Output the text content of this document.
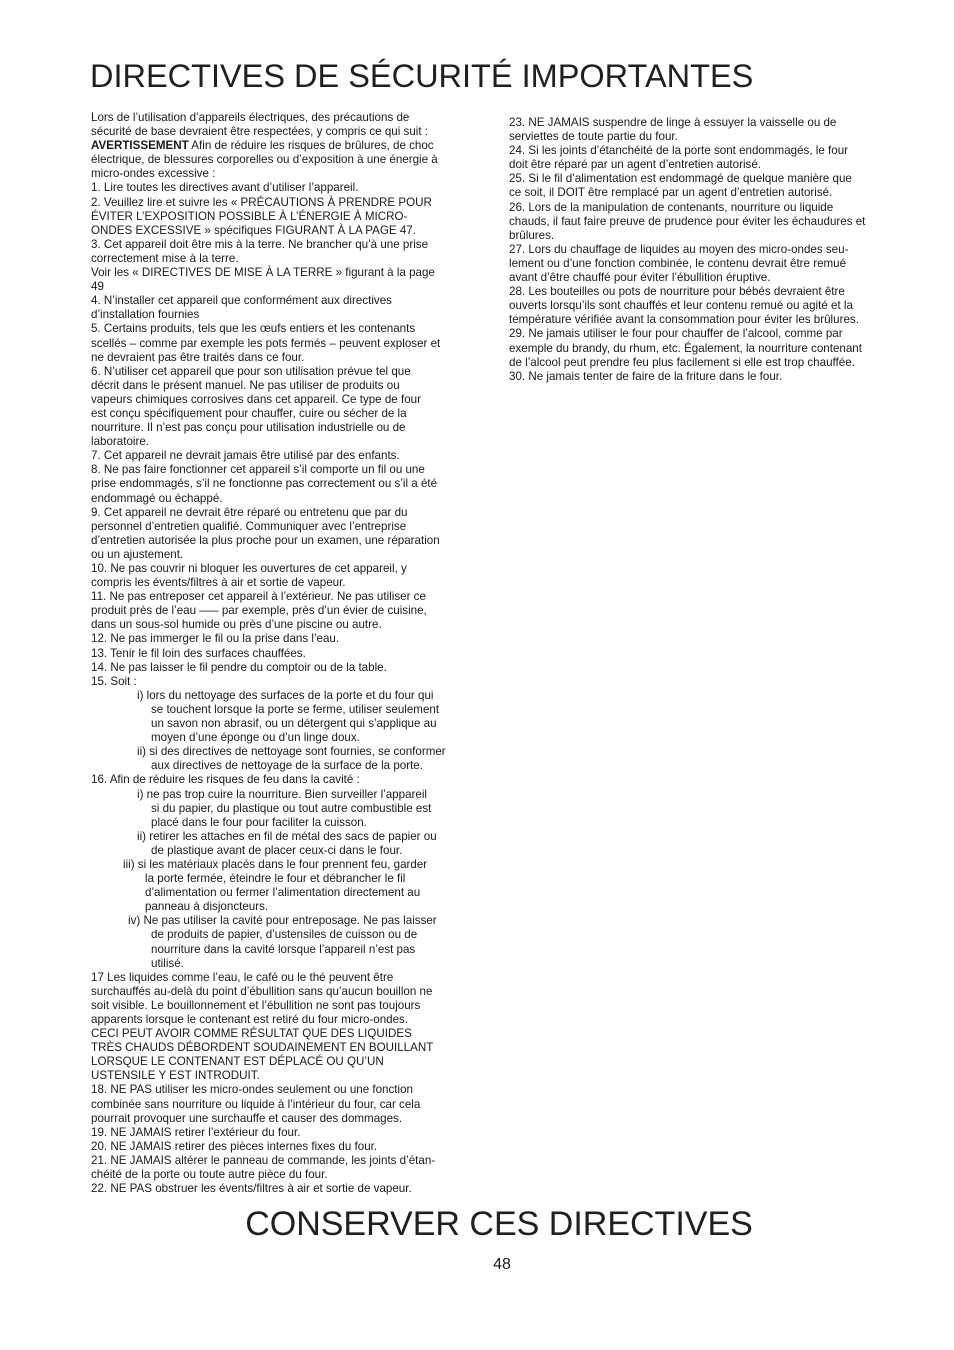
DIRECTIVES DE SÉCURITÉ IMPORTANTES
Lors de l’utilisation d’appareils électriques, des précautions de
sécurité de base devraient être respectées, y compris ce qui suit :
AVERTISSEMENT Afin de réduire les risques de brûlures, de choc
électrique, de blessures corporelles ou d’exposition à une énergie à
micro-ondes excessive :
1. Lire toutes les directives avant d’utiliser l’appareil.
2. Veuillez lire et suivre les « PRÉCAUTIONS À PRENDRE POUR
ÉVITER L’EXPOSITION POSSIBLE À L’ÉNERGIE À MICRO-
ONDES EXCESSIVE » spécifiques FIGURANT À LA PAGE 47.
3. Cet appareil doit être mis à la terre. Ne brancher qu’à une prise
correctement mise à la terre.
Voir les « DIRECTIVES DE MISE À LA TERRE » figurant à la page
49
4. N’installer cet appareil que conformément aux directives
d’installation fournies
5. Certains produits, tels que les œufs entiers et les contenants
scellés – comme par exemple les pots fermés – peuvent exploser et
ne devraient pas être traités dans ce four.
6. N’utiliser cet appareil que pour son utilisation prévue tel que
décrit dans le présent manuel. Ne pas utiliser de produits ou
vapeurs chimiques corrosives dans cet appareil. Ce type de four
est conçu spécifiquement pour chauffer, cuire ou sécher de la
nourriture. Il n’est pas conçu pour utilisation industrielle ou de
laboratoire.
7. Cet appareil ne devrait jamais être utilisé par des enfants.
8. Ne pas faire fonctionner cet appareil s’il comporte un fil ou une
prise endommagés, s’il ne fonctionne pas correctement ou s’il a été
endommagé ou échappé.
9. Cet appareil ne devrait être réparé ou entretenu que par du
personnel d’entretien qualifié. Communiquer avec l’entreprise
d’entretien autorisée la plus proche pour un examen, une réparation
ou un ajustement.
10. Ne pas couvrir ni bloquer les ouvertures de cet appareil, y
compris les évents/filtres à air et sortie de vapeur.
11. Ne pas entreposer cet appareil à l’extérieur. Ne pas utiliser ce
produit près de l’eau ––– par exemple, près d’un évier de cuisine,
dans un sous-sol humide ou près d’une piscine ou autre.
12. Ne pas immerger le fil ou la prise dans l’eau.
13. Tenir le fil loin des surfaces chauffées.
14. Ne pas laisser le fil pendre du comptoir ou de la table.
15. Soit :
i) lors du nettoyage des surfaces de la porte et du four qui
se touchent lorsque la porte se ferme, utiliser seulement
un savon non abrasif, ou un détergent qui s’applique au
moyen d’une éponge ou d’un linge doux.
ii) si des directives de nettoyage sont fournies, se conformer
aux directives de nettoyage de la surface de la porte.
16. Afin de réduire les risques de feu dans la cavité :
i) ne pas trop cuire la nourriture. Bien surveiller l’appareil
si du papier, du plastique ou tout autre combustible est
placé dans le four pour faciliter la cuisson.
ii) retirer les attaches en fil de métal des sacs de papier ou
de plastique avant de placer ceux-ci dans le four.
iii) si les matériaux placés dans le four prennent feu, garder
la porte fermée, éteindre le four et débrancher le fil
d’alimentation ou fermer l’alimentation directement au
panneau à disjoncteurs.
iv) Ne pas utiliser la cavité pour entreposage. Ne pas laisser
de produits de papier, d’ustensiles de cuisson ou de
nourriture dans la cavité lorsque l’appareil n’est pas
utilisé.
17 Les liquides comme l’eau, le café ou le thé peuvent être
surchauffés au-delà du point d’ébullition sans qu’aucun bouillon ne
soit visible. Le bouillonnement et l’ébullition ne sont pas toujours
apparents lorsque le contenant est retiré du four micro-ondes.
CECI PEUT AVOIR COMME RÉSULTAT QUE DES LIQUIDES
TRÈS CHAUDS DÉBORDENT SOUDAINEMENT EN BOUILLANT
LORSQUE LE CONTENANT EST DÉPLACÉ OU QU’UN
USTENSILE Y EST INTRODUIT.
18. NE PAS utiliser les micro-ondes seulement ou une fonction
combinée sans nourriture ou liquide à l’intérieur du four, car cela
pourrait provoquer une surchauffe et causer des dommages.
19. NE JAMAIS retirer l’extérieur du four.
20. NE JAMAIS retirer des pièces internes fixes du four.
21. NE JAMAIS altérer le panneau de commande, les joints d’étan-
chéité de la porte ou toute autre pièce du four.
22. NE PAS obstruer les évents/filtres à air et sortie de vapeur.
23. NE JAMAIS suspendre de linge à essuyer la vaisselle ou de
serviettes de toute partie du four.
24. Si les joints d’étanchéité de la porte sont endommagés, le four
doit être réparé par un agent d’entretien autorisé.
25. Si le fil d’alimentation est endommagé de quelque manière que
ce soit, il DOIT être remplacé par un agent d’entretien autorisé.
26. Lors de la manipulation de contenants, nourriture ou liquide
chauds, il faut faire preuve de prudence pour éviter les échaudures et
brûlures.
27. Lors du chauffage de liquides au moyen des micro-ondes seu-
lement ou d’une fonction combinée, le contenu devrait être remué
avant d’être chauffé pour éviter l’ébullition éruptive.
28. Les bouteilles ou pots de nourriture pour bébés devraient être
ouverts lorsqu’ils sont chauffés et leur contenu remué ou agité et la
température vérifiée avant la consommation pour éviter les brûlures.
29. Ne jamais utiliser le four pour chauffer de l’alcool, comme par
exemple du brandy, du rhum, etc. Également, la nourriture contenant
de l’alcool peut prendre feu plus facilement si elle est trop chauffée.
30. Ne jamais tenter de faire de la friture dans le four.
CONSERVER CES DIRECTIVES
48
